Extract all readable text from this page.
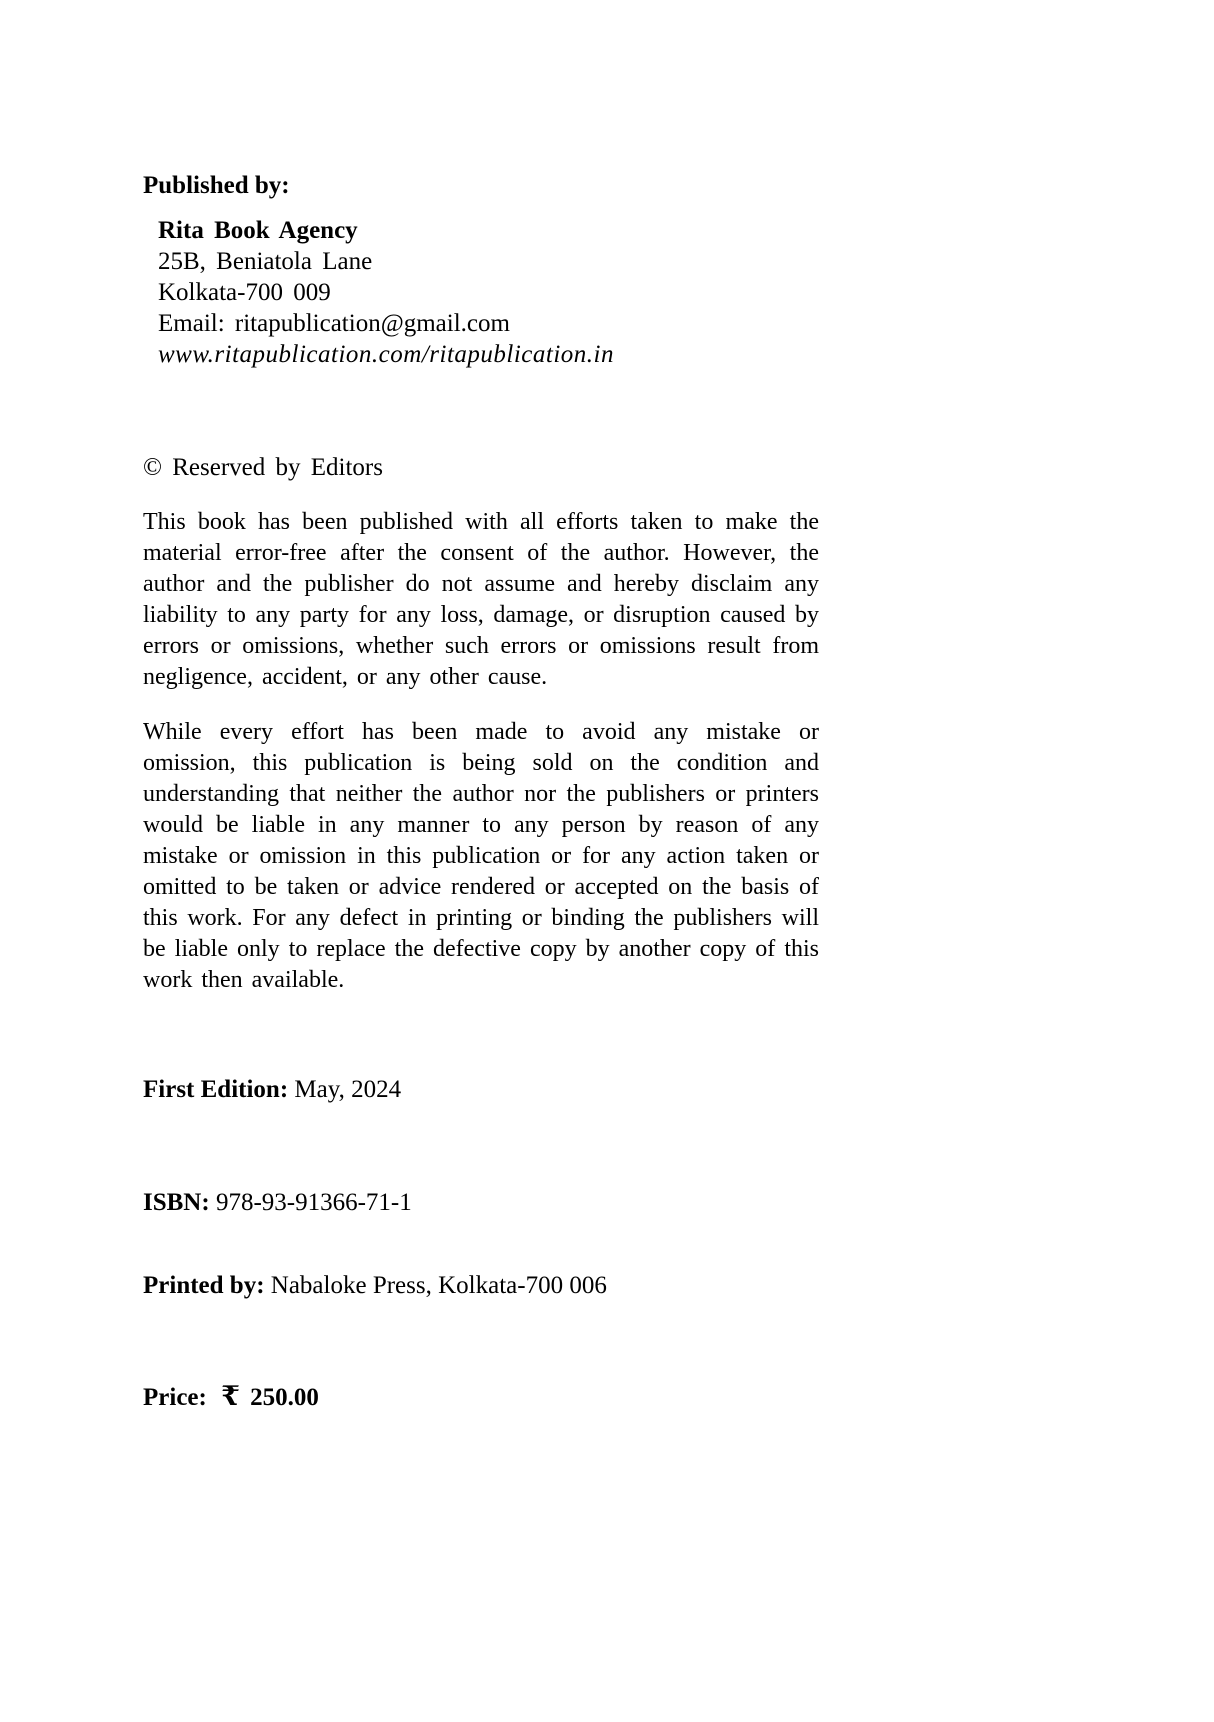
Published by:

Rita Book Agency

25B, Beniatola Lane

Kolkata-700 009

Email: ritapublication@gmail.com

www.ritapublication.com/ritapublication.in

© Reserved by Editors

This book has been published with all efforts taken to make the material error-free after the consent of the author. However, the author and the publisher do not assume and hereby disclaim any liability to any party for any loss, damage, or disruption caused by errors or omissions, whether such errors or omissions result from negligence, accident, or any other cause.

While every effort has been made to avoid any mistake or omission, this publication is being sold on the condition and understanding that neither the author nor the publishers or printers would be liable in any manner to any person by reason of any mistake or omission in this publication or for any action taken or omitted to be taken or advice rendered or accepted on the basis of this work. For any defect in printing or binding the publishers will be liable only to replace the defective copy by another copy of this work then available.

First Edition: May, 2024

ISBN: 978-93-91366-71-1

Printed by: Nabaloke Press, Kolkata-700 006

Price: ₹ 250.00
